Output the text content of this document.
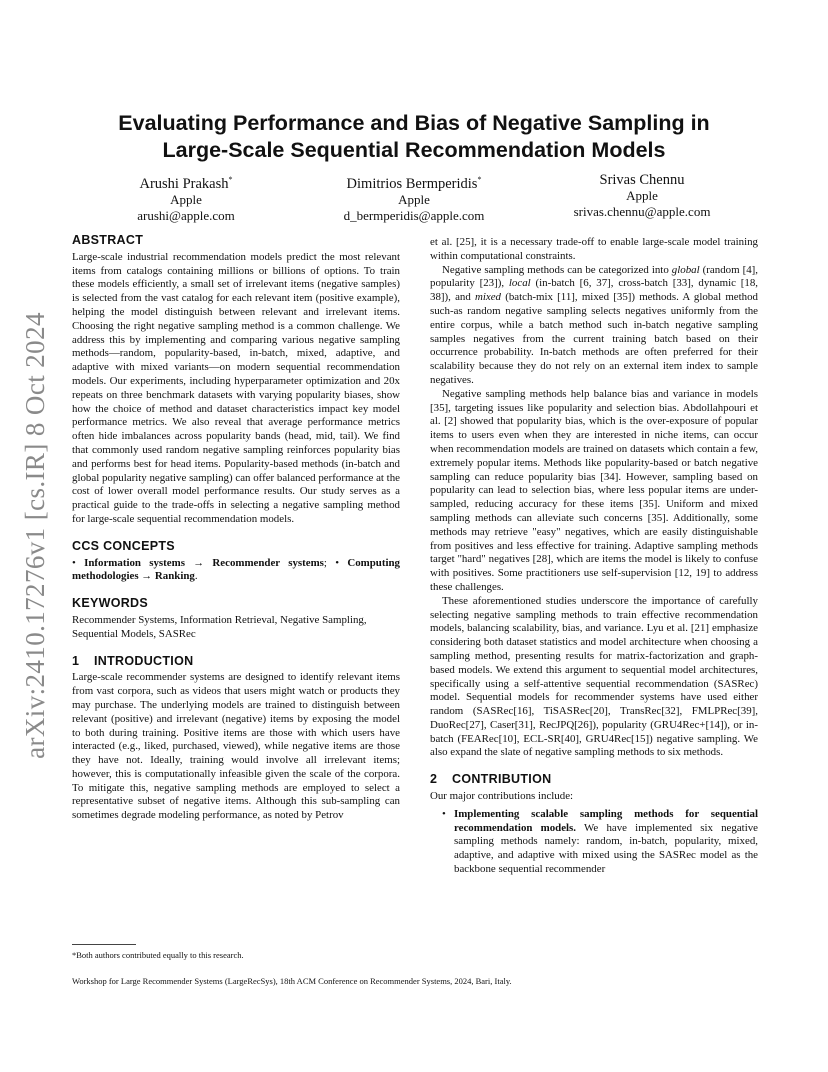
arXiv:2410.17276v1 [cs.IR] 8 Oct 2024
Evaluating Performance and Bias of Negative Sampling in
Large-Scale Sequential Recommendation Models
Arushi Prakash*
Apple
arushi@apple.com
Dimitrios Bermperidis*
Apple
d_bermperidis@apple.com
Srivas Chennu
Apple
srivas.chennu@apple.com
ABSTRACT

Large-scale industrial recommendation models predict the most relevant items from catalogs containing millions or billions of options. To train these models efficiently, a small set of irrelevant items (negative samples) is selected from the vast catalog for each relevant item (positive example), helping the model distinguish between relevant and irrelevant items. Choosing the right negative sampling method is a common challenge. We address this by implementing and comparing various negative sampling methods—random, popularity-based, in-batch, mixed, adaptive, and adaptive with mixed variants—on modern sequential recommendation models. Our experiments, including hyperparameter optimization and 20x repeats on three benchmark datasets with varying popularity biases, show how the choice of method and dataset characteristics impact key model performance metrics. We also reveal that average performance metrics often hide imbalances across popularity bands (head, mid, tail). We find that commonly used random negative sampling reinforces popularity bias and performs best for head items. Popularity-based methods (in-batch and global popularity negative sampling) can offer balanced performance at the cost of lower overall model performance results. Our study serves as a practical guide to the trade-offs in selecting a negative sampling method for large-scale sequential recommendation models.

CCS CONCEPTS

• Information systems → Recommender systems; • Computing methodologies → Ranking.

KEYWORDS

Recommender Systems, Information Retrieval, Negative Sampling, Sequential Models, SASRec

1 INTRODUCTION

Large-scale recommender systems are designed to identify relevant items from vast corpora, such as videos that users might watch or products they may purchase. The underlying models are trained to distinguish between relevant (positive) and irrelevant (negative) items by exposing the model to both during training. Positive items are those with which users have interacted (e.g., liked, purchased, viewed), while negative items are those they have not. Ideally, training would involve all irrelevant items; however, this is computationally infeasible given the scale of the corpora. To mitigate this, negative sampling methods are employed to select a representative subset of negative items. Although this sub-sampling can sometimes degrade modeling performance, as noted by Petrov

et al. [25], it is a necessary trade-off to enable large-scale model training within computational constraints.

Negative sampling methods can be categorized into global (random [4], popularity [23]), local (in-batch [6, 37], cross-batch [33], dynamic [18, 38]), and mixed (batch-mix [11], mixed [35]) methods. A global method such-as random negative sampling selects negatives uniformly from the entire corpus, while a batch method such in-batch negative sampling samples negatives from the current training batch based on their occurrence probability. In-batch methods are often preferred for their scalability because they do not rely on an external item index to sample negatives.

Negative sampling methods help balance bias and variance in models [35], targeting issues like popularity and selection bias. Abdollahpouri et al. [2] showed that popularity bias, which is the over-exposure of popular items to users even when they are interested in niche items, can occur when recommendation models are trained on datasets which contain a few, extremely popular items. Methods like popularity-based or batch negative sampling can reduce popularity bias [34]. However, sampling based on popularity can lead to selection bias, where less popular items are under-sampled, reducing accuracy for these items [35]. Uniform and mixed sampling methods can alleviate such concerns [35]. Additionally, some methods may retrieve "easy" negatives, which are easily distinguishable from positives and less effective for training. Adaptive sampling methods target "hard" negatives [28], which are items the model is likely to confuse with positives. Some practitioners use self-supervision [12, 19] to address these challenges.

These aforementioned studies underscore the importance of carefully selecting negative sampling methods to train effective recommendation models, balancing scalability, bias, and variance. Lyu et al. [21] emphasize considering both dataset statistics and model architecture when choosing a sampling method, presenting results for matrix-factorization and graph-based models. We extend this argument to sequential model architectures, specifically using a self-attentive sequential recommendation (SASRec) model. Sequential models for recommender systems have used either random (SASRec[16], TiSASRec[20], TransRec[32], FMLPRec[39], DuoRec[27], Caser[31], RecJPQ[26]), popularity (GRU4Rec+[14]), or in-batch (FEARec[10], ECL-SR[40], GRU4Rec[15]) negative sampling. We also expand the slate of negative sampling methods to six methods.

2 CONTRIBUTION

Our major contributions include:

• Implementing scalable sampling methods for sequential recommendation models. We have implemented six negative sampling methods namely: random, in-batch, popularity, mixed, adaptive, and adaptive with mixed using the SASRec model as the backbone sequential recommender
*Both authors contributed equally to this research.
Workshop for Large Recommender Systems (LargeRecSys), 18th ACM Conference on Recommender Systems, 2024, Bari, Italy.
